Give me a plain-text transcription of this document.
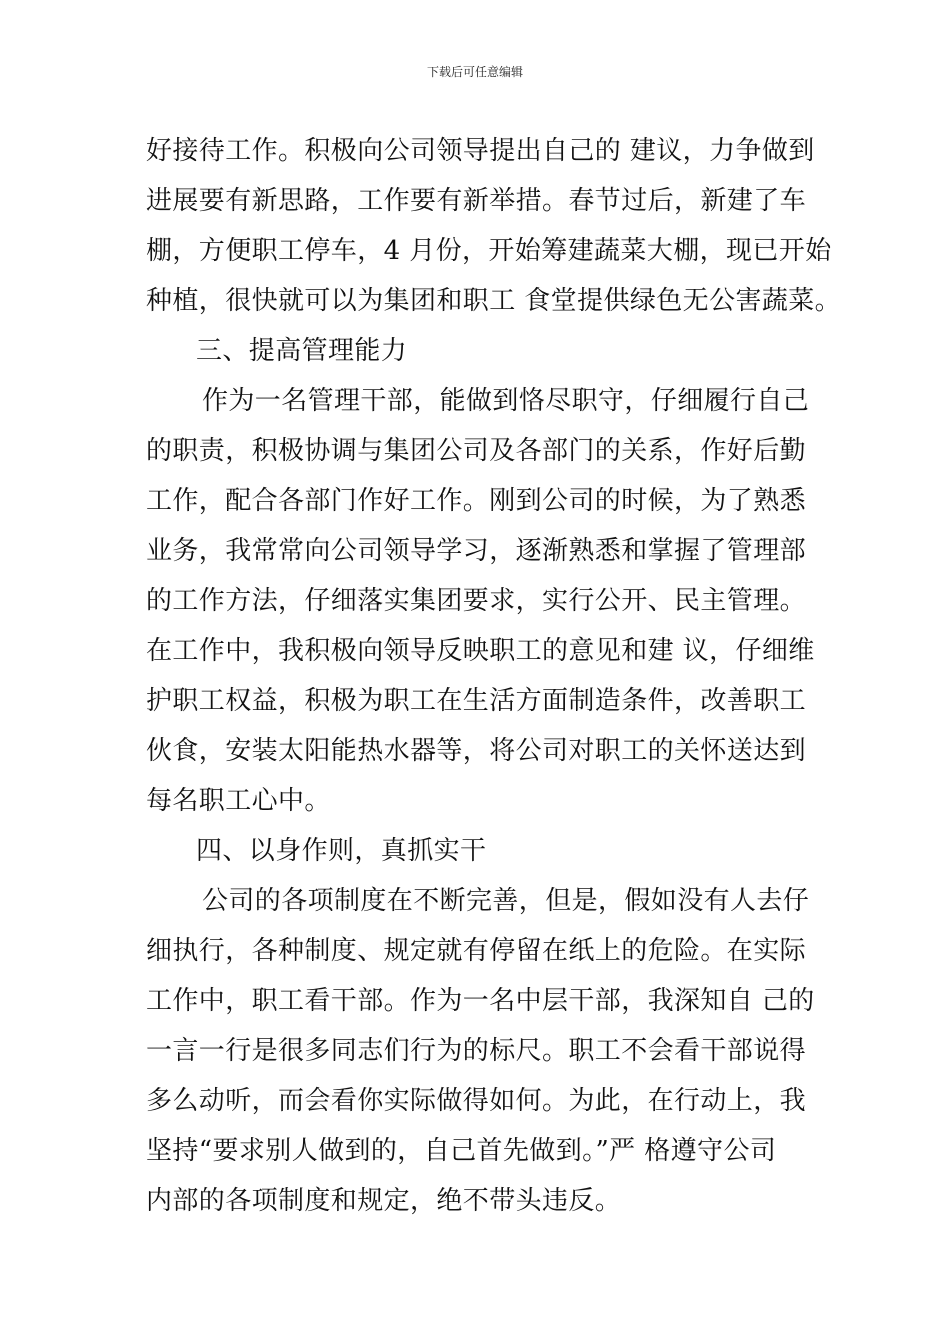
下载后可任意编辑
好接待工作。积极向公司领导提出自己的 建议，力争做到
进展要有新思路，工作要有新举措。春节过后，新建了车
棚，方便职工停车，4 月份，开始筹建蔬菜大棚，现已开始
种植，很快就可以为集团和职工 食堂提供绿色无公害蔬菜。
三、提高管理能力
作为一名管理干部，能做到恪尽职守，仔细履行自己
的职责，积极协调与集团公司及各部门的关系，作好后勤
工作，配合各部门作好工作。刚到公司的时候，为了熟悉
业务，我常常向公司领导学习，逐渐熟悉和掌握了管理部
的工作方法，仔细落实集团要求，实行公开、民主管理。
在工作中，我积极向领导反映职工的意见和建 议，仔细维
护职工权益，积极为职工在生活方面制造条件，改善职工
伙食，安装太阳能热水器等，将公司对职工的关怀送达到
每名职工心中。
四、以身作则，真抓实干
公司的各项制度在不断完善，但是，假如没有人去仔
细执行，各种制度、规定就有停留在纸上的危险。在实际
工作中，职工看干部。作为一名中层干部，我深知自 己的
一言一行是很多同志们行为的标尺。职工不会看干部说得
多么动听，而会看你实际做得如何。为此，在行动上，我
坚持“要求别人做到的，自己首先做到。”严 格遵守公司
内部的各项制度和规定，绝不带头违反。
